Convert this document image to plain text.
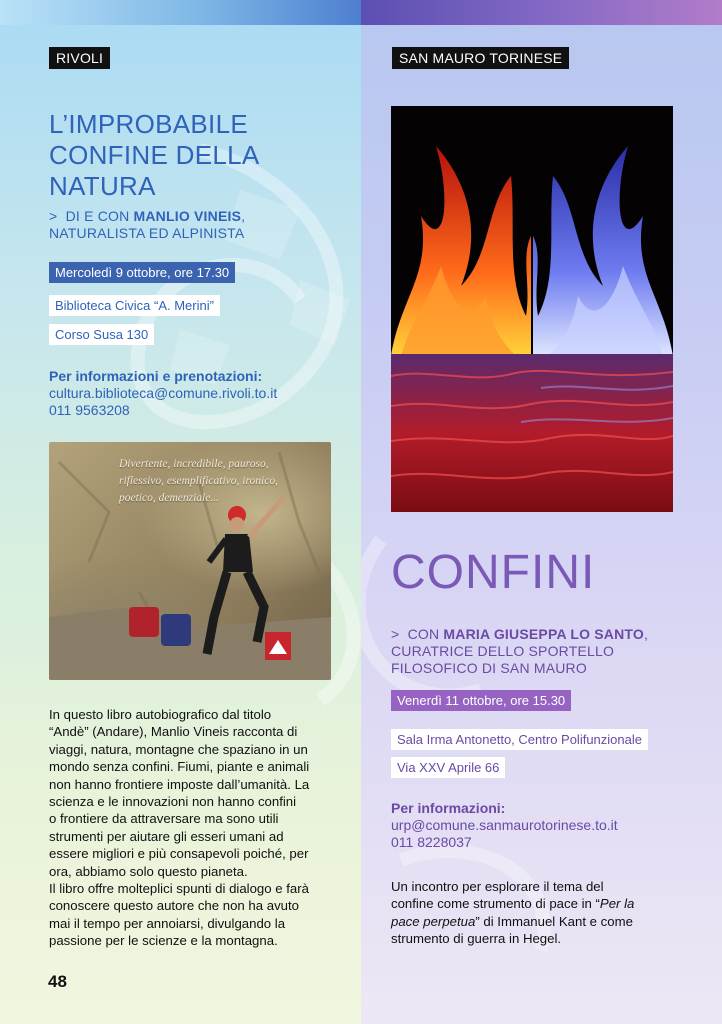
RIVOLI
L’IMPROBABILE
CONFINE DELLA
NATURA
> DI E CON MANLIO VINEIS,
NATURALISTA ED ALPINISTA
Mercoledì 9 ottobre, ore 17.30
Biblioteca Civica “A. Merini”
Corso Susa 130
Per informazioni e prenotazioni:
cultura.biblioteca@comune.rivoli.to.it
011 9563208
Divertente, incredibile, pauroso,
riflessivo, esemplificativo, ironico,
poetico, demenziale...
In questo libro autobiografico dal titolo
“Andè” (Andare), Manlio Vineis racconta di
viaggi, natura, montagne che spaziano in un
mondo senza confini. Fiumi, piante e animali
non hanno frontiere imposte dall’umanità. La
scienza e le innovazioni non hanno confini
o frontiere da attraversare ma sono utili
strumenti per aiutare gli esseri umani ad
essere migliori e più consapevoli poiché, per
ora, abbiamo solo questo pianeta.
Il libro offre molteplici spunti di dialogo e farà
conoscere questo autore che non ha avuto
mai il tempo per annoiarsi, divulgando la
passione per le scienze e la montagna.
48
SAN MAURO TORINESE
CONFINI
> CON MARIA GIUSEPPA LO SANTO,
CURATRICE DELLO SPORTELLO
FILOSOFICO DI SAN MAURO
Venerdì 11 ottobre, ore 15.30
Sala Irma Antonetto, Centro Polifunzionale
Via XXV Aprile 66
Per informazioni:
urp@comune.sanmaurotorinese.to.it
011 8228037
Un incontro per esplorare il tema del
confine come strumento di pace in “Per la
pace perpetua” di Immanuel Kant e come
strumento di guerra in Hegel.
